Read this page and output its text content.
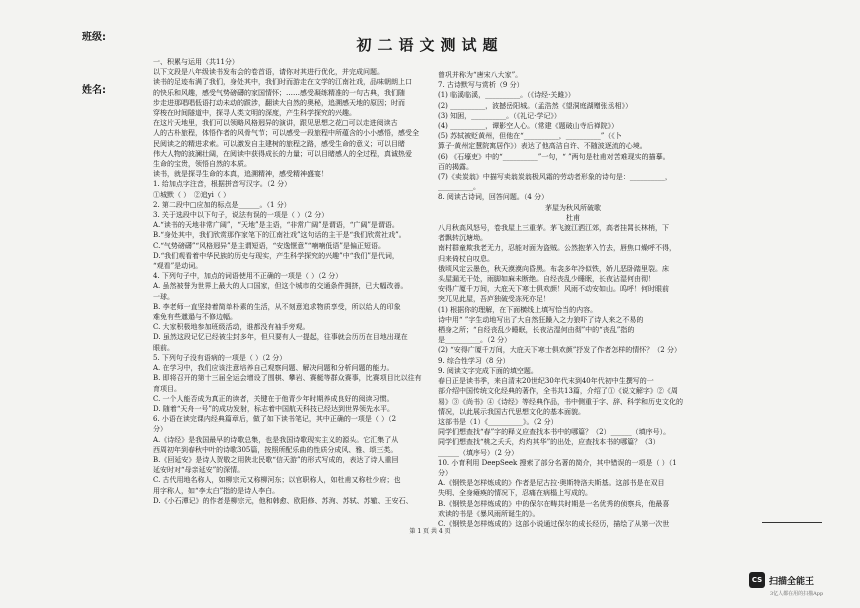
班级:
姓名:
初二语文测试题

一、积累与运用（共11分）

以下文段是八年级读书发布会的卷首语，请你对其进行优化，并完成问题。

读书的足迹布满了我们，身处其中，我们时而游走在文学的江南社戏，品味朝朗上口

的快乐和风趣，感受气势磅礴的家国情怀；……感受凝练精准的一句古典，我们随

步走进那唱唱低语打动未动的跋涉，翻读大自然的奥秘，追溯感天地的原因；时而

穿梭在时间隧道中，探寻人类文明的深度，产生科学探究的兴趣。

在这片天地里，我们可以领略风格迥异的演讲，跟见思想之花□可以走进阅读古

人的古朴旅程，体悟作者的风骨气节；可以感受一段旅程中所蕴含的小小感悟，感受全

民阅读之的精进求索。可以激发自主建树的旅程之路，感受生命的意义；可以目睹

伟大人物的波澜壮阔，在阅读中获得成长的力量；可以目睹感人的全过程，真诚热爱

生命的宝贵，领悟自然的本质。

读书，就是探寻生命的本真，追溯精神，感受精神盛宴！

1. 给加点字注音，根据拼音写汉字。（2 分）

①城默（ ）　②追yi（ ）

2. 第二段中□应加的标点是______。（1 分）

3. 关于选段中以下句子，说法有误的一项是（ ）（2 分）

A.“读书的天地非常广阔”，“天地”是主语，“非常广阔”是谓语，“广阔”是谓语。

B.“身处其中，我们欣赏那作家笔下的江南社戏”这句话的主干是“我们欣赏社戏”。

C.“气势磅礴”“风格迥异”是主谓短语，“安逸惬意”“喃喃低语”是偏正短语。

D.“我们观看着中华民族的历史与现实，产生科学探究的兴趣”中“我们”是代词，

“观看”是动词。

4. 下列句子中，加点的词语使用不正确的一项是（ ）（2 分）

A. 虽然被誉为世界上最大的人口国家，但这个城市的交通条件拥挤，已大幅改善。

一球。

B. 李老师一直坚持着简单朴素的生活，从不刻意追求物质享受，所以给人的印象

难免有些邋遢与不修边幅。

C. 大家积极地参加班级活动，谁都没有袖手旁观。

D. 虽然这段记忆已经被尘封多年，但只要有人一提起，往事就会历历在目地出现在

眼前。

5. 下列句子没有语病的一项是（ ）（2 分）

A. 在学习中，我们应该注意培养自己观察问题、解决问题和分析问题的能力。

B. 即将召开的第十三届全运会增设了围棋、攀岩、赛艇等群众赛事，比赛项目比以往有

育项目。

C. 一个人能否成为真正的读者，关键在于他青少年时期养成良好的阅读习惯。

D. 随着“天舟一号”的成功发射，标志着中国航天科技已经达到世界领先水平。

6. 小语在读完课内经典篇章后，做了如下读书笔记，其中正确的一项是（ ）（2

分）

A.《诗经》是我国最早的诗歌总集，也是我国诗歌现实主义的源头。它汇集了从

西周初年到春秋中叶的诗歌305篇，按照所配乐曲的性质分成风、雅、颂三类。

B.《回延安》是诗人贺敬之用陕北民歌“信天游”的形式写成的，表达了诗人重回

延安时对“母亲延安”的深情。

C. 古代用地名称人，如柳宗元又称柳河东；以官职称人，如杜甫又称杜少府；也

用字称人，如“李太白”指的是诗人李白。

D.《小石潭记》的作者是柳宗元，他和韩愈、欧阳修、苏洵、苏轼、苏辙、王安石、

曾巩并称为“唐宋八大家”。

7. 古诗默写与赏析（9 分）

(1) 临溪临溪，__________。（《诗经·关雎》）

(2) __________，波撼岳阳城。（孟浩然《望洞庭湖赠张丞相》）

(3) 知困，__________。（《礼记·学记》）

(4) __________，谭影空人心。（常建《题破山寺后禅院》）

(5) 苏轼被贬黄州，但他在“__________，__________”（《卜

算子·黄州定慧院寓居作》）表达了他高洁自许、不随波逐流的心境。

(6) 《石壕吏》中的“__________”一句，“ ”两句是杜甫对苦难现实的描摹。

百的揭露。

(7)《卖炭翁》中描写卖翁炭翁极风霜的劳动者形象的诗句是：__________，

__________。

8. 阅读古诗词，回答问题。（4 分）

茅屋为秋风所破歌

杜甫

八月秋高风怒号，卷我屋上三重茅。茅飞渡江洒江郊，高者挂罥长林梢，下

者飘转沉塘坳。

南村群童欺我老无力，忍能对面为盗贼。公然抱茅入竹去，唇焦口燥呼不得，

归来倚杖自叹息。

俄顷风定云墨色，秋天漠漠向昏黑。布衾多年冷似铁，娇儿恶卧踏里裂。床

头屋漏无干处，雨脚如麻未断绝。自经丧乱少睡眠，长夜沾湿何由彻！

安得广厦千万间，大庇天下寒士俱欢颜！风雨不动安如山。呜呼！何时眼前

突兀见此屋，吾庐独破受冻死亦足！

(1) 根据你的理解，在下面横线上填写恰当的内容。

诗中用“ ”字生动地写出了大自然狂躁入之力狼吓了诗人来之不易的

栖身之所；“自经丧乱少睡眠，长夜沾湿何由彻”中的“丧乱”指的

是__________。（2 分）

(2) “安得广厦千万间，大庇天下寒士俱欢颜”抒发了作者怎样的情怀？（2 分）

9. 综合性学习（8 分）

9. 阅读文字完成下面的填空题。

春日正是读书季，来自清末20世纪30年代末到40年代初中生撰写的一

部介绍中国传统文化经典的著作，全书共13篇，介绍了①《说文解字》②《周

易》③《尚书》④《诗经》等经典作品，书中侧重于字、辞、科学和历史文化的

情况，以此展示我国古代思想文化的基本面貌。

这部书是（1）《__________》。（2 分）

同学们想查找“春”字的释义应查找本书中的哪篇？（2）______（填序号）。

同学们想查找“桃之夭夭，灼灼其华”的出处，应查找本书的哪篇？（3）

______（填序号）（2 分）

10. 小育利用 DeepSeek 搜索了部分名著的简介，其中错误的一项是（ ）（1

分）

A.《钢铁是怎样炼成的》作者是尼古拉·奥斯特洛夫斯基。这部书是在双目

失明、全身瘫痪的情况下，忍痛在病榻上写成的。

B.《钢铁是怎样炼成的》中的保尔在畴共时期是一名优秀的侦察兵，他最喜

欢读的书是《暴风雨所诞生的》。

C.《钢铁是怎样炼成的》这部小说通过保尔的成长经历，描绘了从第一次世

第 1 页 共 4 页
CS 扫描全能王
3亿人都在用的扫描App
